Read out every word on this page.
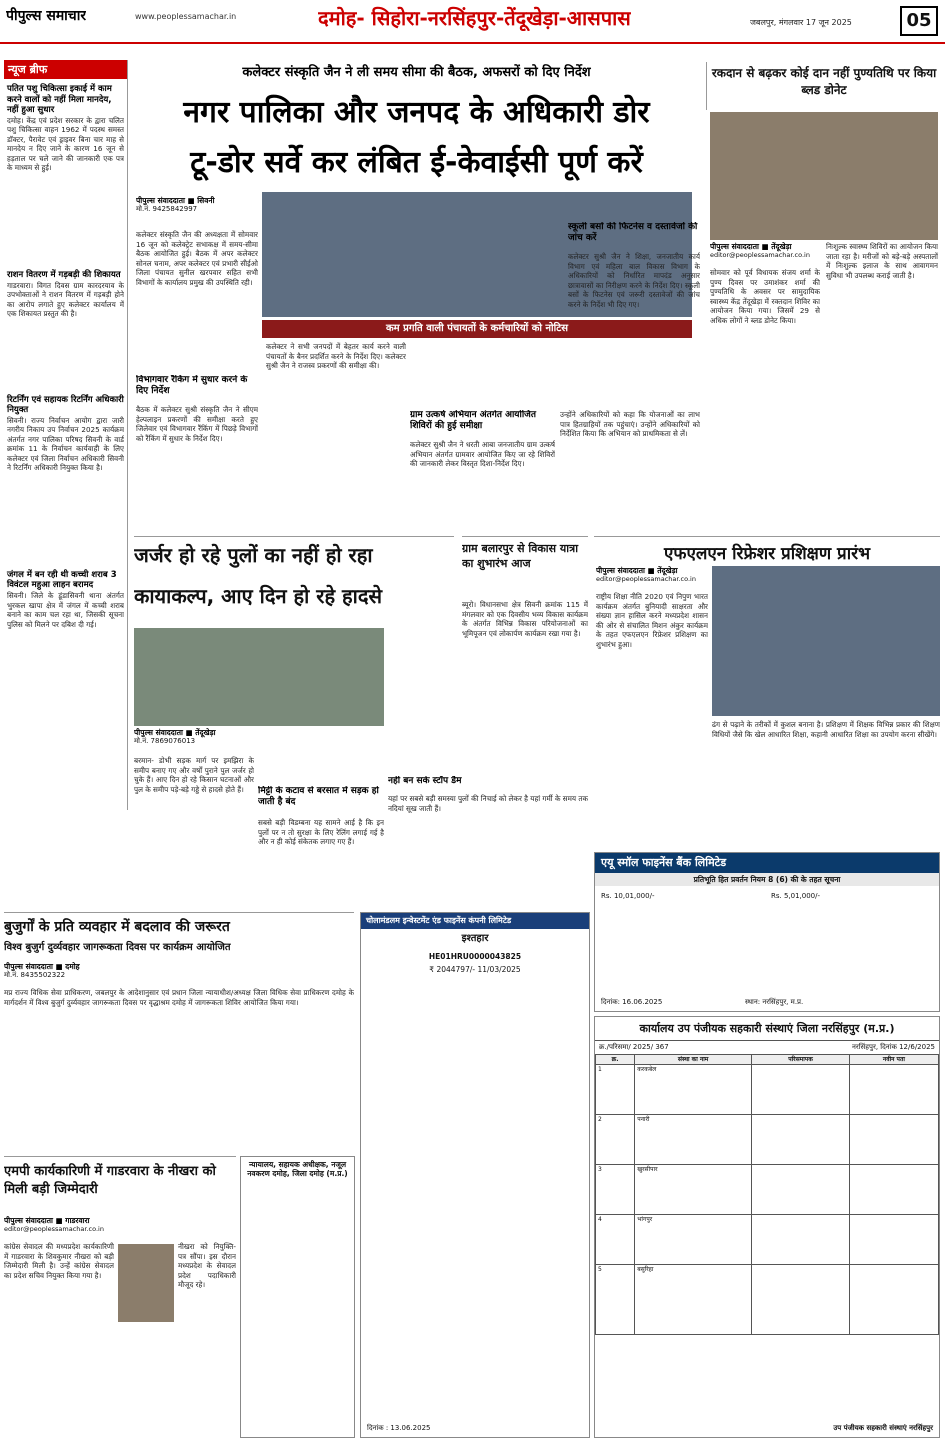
पीपुल्स समाचार	www.peoplessamachar.in	दमोह- सिहोरा-नरसिंहपुर-तेंदूखेड़ा-आसपास	जबलपुर, मंगलवार 17 जून 2025	05
न्यूज ब्रीफ
पतित पशु चिकित्सा इकाई में काम करने वालों को नहीं मिला मानदेय, नहीं हुआ सुधार
दमोह। केंद्र एवं प्रदेश सरकार के द्वारा चलित पशु चिकित्सा वाहन 1962 में पदस्थ समस्त डॉक्टर, पैरावेट एवं ड्राइवर बिना चार माह से मानदेय न दिए जाने के कारण 16 जून से हड़ताल पर चले जाने की जानकारी एक पत्र के माध्यम से हुई।
राशन वितरण में गड़बड़ी की शिकायत
गाडरवारा। विगत दिवस ग्राम कारदरयाव के उपभोक्ताओं ने राशन वितरण में गड़बड़ी होने का आरोप लगाते हुए कलेक्टर कार्यालय में एक शिकायत प्रस्तुत की है।
रिटर्निंग एवं सहायक रिटर्निंग अधिकारी नियुक्त
सिवनी। राज्य निर्वाचन आयोग द्वारा जारी नगरीय निकाय उप निर्वाचन 2025 कार्यक्रम अंतर्गत नगर पालिका परिषद सिवनी के वार्ड क्रमांक 11 के निर्वाचन कार्यवाही के लिए कलेक्टर एवं जिला निर्वाचन अधिकारी सिवनी ने रिटर्निंग अधिकारी नियुक्त किया है।
जंगल में बन रही थी कच्ची शराब 3 विवंटल महुआ लाहन बरामद
सिवनी। जिले के डूंडासिवनी थाना अंतर्गत भुरकल खापा क्षेत्र में जंगल में कच्ची शराब बनाने का काम चल रहा था, जिसकी सूचना पुलिस को मिलने पर दबिश दी गई।
कलेक्टर संस्कृति जैन ने ली समय सीमा की बैठक, अफसरों को दिए निर्देश
नगर पालिका और जनपद के अधिकारी डोर
टू-डोर सर्वे कर लंबित ई-केवाईसी पूर्ण करें
पीपुल्स संवाददाता ■ सिवनी
मो.नं. 9425842997
कलेक्टर संस्कृति जैन की अध्यक्षता में सोमवार 16 जून को कलेक्ट्रेट सभाकक्ष में समय-सीमा बैठक आयोजित हुई। बैठक में अपर कलेक्टर सोनल चनाम, अपर कलेक्टर एवं प्रभारी सीईओ जिला पंचायत सुनील खरपवार सहित सभी विभागों के कार्यालय प्रमुख की उपस्थिति रही।
कम प्रगति वाली पंचायतों के कर्मचारियों को नोटिस
विभागवार रैंकिंग में सुधार करने के दिए निर्देश
बैठक में कलेक्टर सुश्री संस्कृति जैन ने सीएम हेल्पलाइन प्रकरणों की समीक्षा करते हुए जिलेवार एवं विभागवार रैंकिंग में पिछड़े विभागों को रैंकिंग में सुधार के निर्देश दिए।
कलेक्टर ने सभी जनपदों में बेहतर कार्य करने वाली पंचायतों के बैनर प्रदर्शित करने के निर्देश दिए। कलेक्टर सुश्री जैन ने राजस्व प्रकरणों की समीक्षा की।
ग्राम उत्कर्ष अभियान अंतर्गत आयोजित शिविरों की हुई समीक्षा
कलेक्टर सुश्री जैन ने धरती आबा जनजातीय ग्राम उत्कर्ष अभियान अंतर्गत ग्रामवार आयोजित किए जा रहे शिविरों की जानकारी लेकर विस्तृत दिशा-निर्देश दिए।
उन्होंने अधिकारियों को कहा कि योजनाओं का लाभ पात्र हितग्राहियों तक पहुंचाएं। उन्होंने अधिकारियों को निर्देशित किया कि अभियान को प्राथमिकता से लें।
स्कूली बसों की फिटनेस व दस्तावेजों की जांच करें
कलेक्टर सुश्री जैन ने शिक्षा, जनजातीय कार्य विभाग एवं महिला बाल विकास विभाग के अधिकारियों को निर्धारित मापदंड अनुसार छात्रावासों का निरीक्षण करने के निर्देश दिए। स्कूली बसों के फिटनेस एवं जरूरी दस्तावेजों की जांच करने के निर्देश भी दिए गए।
रकदान से बढ़कर कोई दान नहीं पुण्यतिथि पर किया ब्लड डोनेट
पीपुल्स संवाददाता ■ तेंदूखेड़ा
editor@peoplessamachar.co.in
सोमवार को पूर्व विधायक संजय शर्मा के पुण्य दिवस पर उमाशंकर शर्मा की पुण्यतिथि के अवसर पर सामुदायिक स्वास्थ्य केंद्र तेंदूखेड़ा में रक्तदान शिविर का आयोजन किया गया। जिसमें 29 से अधिक लोगों ने ब्लड डोनेट किया।
निःशुल्क स्वास्थ्य शिविरों का आयोजन किया जाता रहा है। मरीजों को बड़े-बड़े अस्पतालों में निःशुल्क इलाज के साथ आवागमन सुविधा भी उपलब्ध कराई जाती है।
जर्जर हो रहे पुलों का नहीं हो रहा
कायाकल्प, आए दिन हो रहे हादसे
पीपुल्स संवाददाता ■ तेंदूखेड़ा
मो.नं. 7869076013
बरमान- डोभी सड़क मार्ग पर इमझिरा के समीप बनाए गए और वर्षों पुराने पुल जर्जर हो चुके हैं। आए दिन हो रहे किसान घटनाओं और पुल के समीप पड़े-बड़े गड्डे से हादसे होते हैं।	मिट्टी के कटाव से बरसात में सड़क हो जाती है बंद
सबसे बड़ी विडम्बना यह सामने आई है कि इन पुलों पर न तो सुरक्षा के लिए रेलिंग लगाई गई है और न ही कोई संकेतक लगाए गए हैं।
नहीं बन सके स्टॉप डैम
यहां पर सबसे बड़ी समस्या पुलों की निचाई को लेकर है यहां गर्मी के समय तक नदियां सूख जाती हैं।
ग्राम बलारपुर से विकास यात्रा का शुभारंभ आज
ब्यूरो। विधानसभा क्षेत्र सिवनी क्रमांक 115 में मंगलवार को एक दिवसीय भव्य विकास कार्यक्रम के अंतर्गत विभिन्न विकास परियोजनाओं का भूमिपूजन एवं लोकार्पण कार्यक्रम रखा गया है।
एफएलएन रिफ्रेशर प्रशिक्षण प्रारंभ
पीपुल्स संवाददाता ■ तेंदूखेड़ा
editor@peoplessamachar.co.in
राष्ट्रीय शिक्षा नीति 2020 एवं निपुण भारत कार्यक्रम अंतर्गत बुनियादी साक्षरता और संख्या ज्ञान हासिल करने मध्यप्रदेश शासन की ओर से संचालित मिशन अंकुर कार्यक्रम के तहत एफएलएन रिफ्रेशर प्रशिक्षण का शुभारंभ हुआ।
ढंग से पढ़ाने के तरीकों में कुशल बनाना है। प्रशिक्षण में शिक्षक विभिन्न प्रकार की शिक्षण विधियों जैसे कि खेल आधारित शिक्षा, कहानी आधारित शिक्षा का उपयोग करना सीखेंगे।
एयू स्मॉल फाइनेंस बैंक लिमिटेड
प्रतिभूति हित प्रवर्तन नियम 8 (6) की के तहत सूचना
Rs. 10,01,000/-	Rs. 5,01,000/-
दिनांक: 16.06.2025	स्थान: नरसिंहपुर, म.प्र.
बुजुर्गों के प्रति व्यवहार में बदलाव की जरूरत
विश्व बुजुर्ग दुर्व्यवहार जागरूकता दिवस पर कार्यक्रम आयोजित
पीपुल्स संवाददाता ■ दमोह
मो.नं. 8435502322
मप्र राज्य विधिक सेवा प्राधिकरण, जबलपुर के आदेशानुसार एवं प्रधान जिला न्यायाधीश/अध्यक्ष जिला विधिक सेवा प्राधिकरण दमोह के मार्गदर्शन में विश्व बुजुर्ग दुर्व्यवहार जागरूकता दिवस पर वृद्धाश्रम दमोह में जागरूकता शिविर आयोजित किया गया।
एमपी कार्यकारिणी में गाडरवारा के नीखरा को मिली बड़ी जिम्मेदारी
पीपुल्स संवाददाता ■ गाडरवारा
editor@peoplessamachar.co.in
कांग्रेस सेवादल की मध्यप्रदेश कार्यकारिणी में गाडरवारा के शिवकुमार नीखरा को बड़ी जिम्मेदारी मिली है। उन्हें कांग्रेस सेवादल का प्रदेश सचिव नियुक्त किया गया है।
नीखरा को नियुक्ति-पत्र सौंपा। इस दौरान मध्यप्रदेश के सेवादल प्रदेश पदाधिकारी मौजूद रहे।
न्यायालय, सहायक अधीक्षक, नजूल नवकरण दमोह, जिला दमोह (म.प्र.)
चोलामंडलम इन्वेस्टमेंट एंड फाइनेंस कंपनी लिमिटेड
इश्तहार
HE01HRU0000043825
₹ 2044797/- 11/03/2025
दिनांक : 13.06.2025
कार्यालय उप पंजीयक सहकारी संस्थाएं जिला नरसिंहपुर (म.प्र.)
क्र./परिसमा/ 2025/ 367	नरसिंहपुर, दिनांक 12/6/2025
क्र.	संस्था का नाम	परिसमापक	नवीन पता
1	करकबेल		
2	पनारी		
3	खुरसीपार		
4	भांगपुर		
5	बसुरिहा		
उप पंजीयक सहकारी संस्थाएं नरसिंहपुर
